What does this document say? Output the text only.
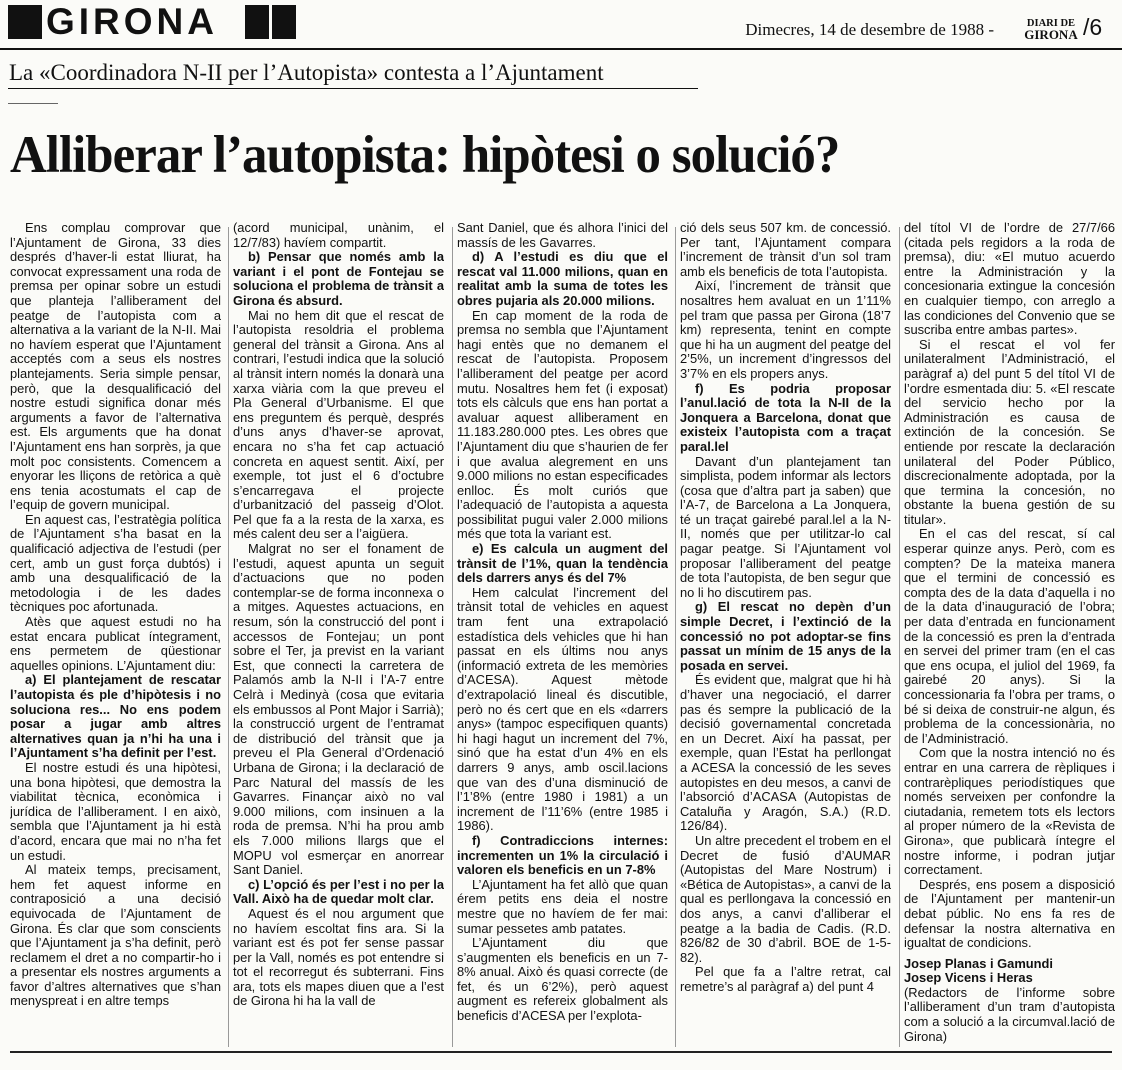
GIRONA	Dimecres, 14 de desembre de 1988 -	DIARI DE
GIRONA /6
La «Coordinadora N-II per l’Autopista» contesta a l’Ajuntament
Alliberar l’autopista: hipòtesi o solució?

Ens complau comprovar que l’Ajuntament de Girona, 33 dies després d’haver-li estat lliurat, ha convocat expressament una roda de premsa per opinar sobre un estudi que planteja l’alliberament del peatge de l’autopista com a alternativa a la variant de la N-II. Mai no havíem esperat que l’Ajuntament acceptés com a seus els nostres plantejaments. Seria simple pensar, però, que la desqualificació del nostre estudi significa donar més arguments a favor de l’alternativa est. Els arguments que ha donat l’Ajuntament ens han sorprès, ja que molt poc consistents. Comencem a enyorar les lliçons de retòrica a què ens tenia acostumats el cap de l’equip de govern municipal.

En aquest cas, l’estratègia política de l’Ajuntament s’ha basat en la qualificació adjectiva de l’estudi (per cert, amb un gust força dubtós) i amb una desqualificació de la metodologia i de les dades tècniques poc afortunada.

Atès que aquest estudi no ha estat encara publicat íntegrament, ens permetem de qüestionar aquelles opinions. L’Ajuntament diu:

a) El plantejament de rescatar l’autopista és ple d’hipòtesis i no soluciona res... No ens podem posar a jugar amb altres alternatives quan ja n’hi ha una i l’Ajuntament s’ha definit per l’est.

El nostre estudi és una hipòtesi, una bona hipòtesi, que demostra la viabilitat tècnica, econòmica i jurídica de l’alliberament. I en això, sembla que l’Ajuntament ja hi està d’acord, encara que mai no n’ha fet un estudi.

Al mateix temps, precisament, hem fet aquest informe en contraposició a una decisió equivocada de l’Ajuntament de Girona. És clar que som conscients que l’Ajuntament ja s’ha definit, però reclamem el dret a no compartir-ho i a presentar els nostres arguments a favor d’altres alternatives que s’han menyspreat i en altre temps

(acord municipal, unànim, el 12/7/83) havíem compartit.

b) Pensar que només amb la variant i el pont de Fontejau se soluciona el problema de trànsit a Girona és absurd.

Mai no hem dit que el rescat de l’autopista resoldria el problema general del trànsit a Girona. Ans al contrari, l’estudi indica que la solució al trànsit intern només la donarà una xarxa viària com la que preveu el Pla General d’Urbanisme. El que ens preguntem és perquè, després d’uns anys d’haver-se aprovat, encara no s’ha fet cap actuació concreta en aquest sentit. Així, per exemple, tot just el 6 d’octubre s’encarregava el projecte d’urbanització del passeig d’Olot. Pel que fa a la resta de la xarxa, es més calent deu ser a l’aigüera.

Malgrat no ser el fonament de l’estudi, aquest apunta un seguit d’actuacions que no poden contemplar-se de forma inconnexa o a mitges. Aquestes actuacions, en resum, són la construcció del pont i accessos de Fontejau; un pont sobre el Ter, ja previst en la variant Est, que connecti la carretera de Palamós amb la N-II i l’A-7 entre Celrà i Medinyà (cosa que evitaria els embussos al Pont Major i Sarrià); la construcció urgent de l’entramat de distribució del trànsit que ja preveu el Pla General d’Ordenació Urbana de Girona; i la declaració de Parc Natural del massís de les Gavarres. Finançar això no val 9.000 milions, com insinuen a la roda de premsa. N’hi ha prou amb els 7.000 milions llargs que el MOPU vol esmerçar en anorrear Sant Daniel.

c) L’opció és per l’est i no per la Vall. Això ha de quedar molt clar.

Aquest és el nou argument que no havíem escoltat fins ara. Si la variant est és pot fer sense passar per la Vall, només es pot entendre si tot el recorregut és subterrani. Fins ara, tots els mapes diuen que a l’est de Girona hi ha la vall de

Sant Daniel, que és alhora l’inici del massís de les Gavarres.

d) A l’estudi es diu que el rescat val 11.000 milions, quan en realitat amb la suma de totes les obres pujaria als 20.000 milions.

En cap moment de la roda de premsa no sembla que l’Ajuntament hagi entès que no demanem el rescat de l’autopista. Proposem l’alliberament del peatge per acord mutu. Nosaltres hem fet (i exposat) tots els càlculs que ens han portat a avaluar aquest alliberament en 11.183.280.000 ptes. Les obres que l’Ajuntament diu que s’haurien de fer i que avalua alegrement en uns 9.000 milions no estan especificades enlloc. És molt curiós que l’adequació de l’autopista a aquesta possibilitat pugui valer 2.000 milions més que tota la variant est.

e) Es calcula un augment del trànsit de l’1%, quan la tendència dels darrers anys és del 7%

Hem calculat l’increment del trànsit total de vehicles en aquest tram fent una extrapolació estadística dels vehicles que hi han passat en els últims nou anys (informació extreta de les memòries d’ACESA). Aquest mètode d’extrapolació lineal és discutible, però no és cert que en els «darrers anys» (tampoc especifiquen quants) hi hagi hagut un increment del 7%, sinó que ha estat d’un 4% en els darrers 9 anys, amb oscil.lacions que van des d’una disminució de l’1’8% (entre 1980 i 1981) a un increment de l’11’6% (entre 1985 i 1986).

f) Contradiccions internes: incrementen un 1% la circulació i valoren els beneficis en un 7-8%

L’Ajuntament ha fet allò que quan érem petits ens deia el nostre mestre que no havíem de fer mai: sumar pessetes amb patates.

L’Ajuntament diu que s’augmenten els beneficis en un 7-8% anual. Això és quasi correcte (de fet, és un 6’2%), però aquest augment es refereix globalment als beneficis d’ACESA per l’explota-

ció dels seus 507 km. de concessió. Per tant, l’Ajuntament compara l’increment de trànsit d’un sol tram amb els beneficis de tota l’autopista.

Així, l’increment de trànsit que nosaltres hem avaluat en un 1’11% pel tram que passa per Girona (18’7 km) representa, tenint en compte que hi ha un augment del peatge del 2’5%, un increment d’ingressos del 3’7% en els propers anys.

f) Es podria proposar l’anul.lació de tota la N-II de la Jonquera a Barcelona, donat que existeix l’autopista com a traçat paral.lel

Davant d’un plantejament tan simplista, podem informar als lectors (cosa que d’altra part ja saben) que l’A-7, de Barcelona a La Jonquera, té un traçat gairebé paral.lel a la N-II, només que per utilitzar-lo cal pagar peatge. Si l’Ajuntament vol proposar l’alliberament del peatge de tota l’autopista, de ben segur que no li ho discutirem pas.

g) El rescat no depèn d’un simple Decret, i l’extinció de la concessió no pot adoptar-se fins passat un mínim de 15 anys de la posada en servei.

És evident que, malgrat que hi hà d’haver una negociació, el darrer pas és sempre la publicació de la decisió governamental concretada en un Decret. Així ha passat, per exemple, quan l’Estat ha perllongat a ACESA la concessió de les seves autopistes en deu mesos, a canvi de l’absorció d’ACASA (Autopistas de Cataluña y Aragón, S.A.) (R.D. 126/84).

Un altre precedent el trobem en el Decret de fusió d’AUMAR (Autopistas del Mare Nostrum) i «Bética de Autopistas», a canvi de la qual es perllongava la concessió en dos anys, a canvi d’alliberar el peatge a la badia de Cadis. (R.D. 826/82 de 30 d’abril. BOE de 1-5-82).

Pel que fa a l’altre retrat, cal remetre’s al paràgraf a) del punt 4

del títol VI de l’ordre de 27/7/66 (citada pels regidors a la roda de premsa), diu: «El mutuo acuerdo entre la Administración y la concesionaria extingue la concesión en cualquier tiempo, con arreglo a las condiciones del Convenio que se suscriba entre ambas partes».

Si el rescat el vol fer unilateralment l’Administració, el paràgraf a) del punt 5 del títol VI de l’ordre esmentada diu: 5. «El rescate del servicio hecho por la Administración es causa de extinción de la concesión. Se entiende por rescate la declaración unilateral del Poder Público, discrecionalmente adoptada, por la que termina la concesión, no obstante la buena gestión de su titular».

En el cas del rescat, sí cal esperar quinze anys. Però, com es compten? De la mateixa manera que el termini de concessió es compta des de la data d’aquella i no de la data d’inauguració de l’obra; per data d’entrada en funcionament de la concessió es pren la d’entrada en servei del primer tram (en el cas que ens ocupa, el juliol del 1969, fa gairebé 20 anys). Si la concessionaria fa l’obra per trams, o bé si deixa de construir-ne algun, és problema de la concessionària, no de l’Administració.

Com que la nostra intenció no és entrar en una carrera de rèpliques i contrarèpliques periodístiques que només serveixen per confondre la ciutadania, remetem tots els lectors al proper número de la «Revista de Girona», que publicarà íntegre el nostre informe, i podran jutjar correctament.

Després, ens posem a disposició de l’Ajuntament per mantenir-un debat públic. No ens fa res de defensar la nostra alternativa en igualtat de condicions.

Josep Planas i Gamundi

Josep Vicens i Heras

(Redactors de l’informe sobre l’alliberament d’un tram d’autopista com a solució a la circumval.lació de Girona)
